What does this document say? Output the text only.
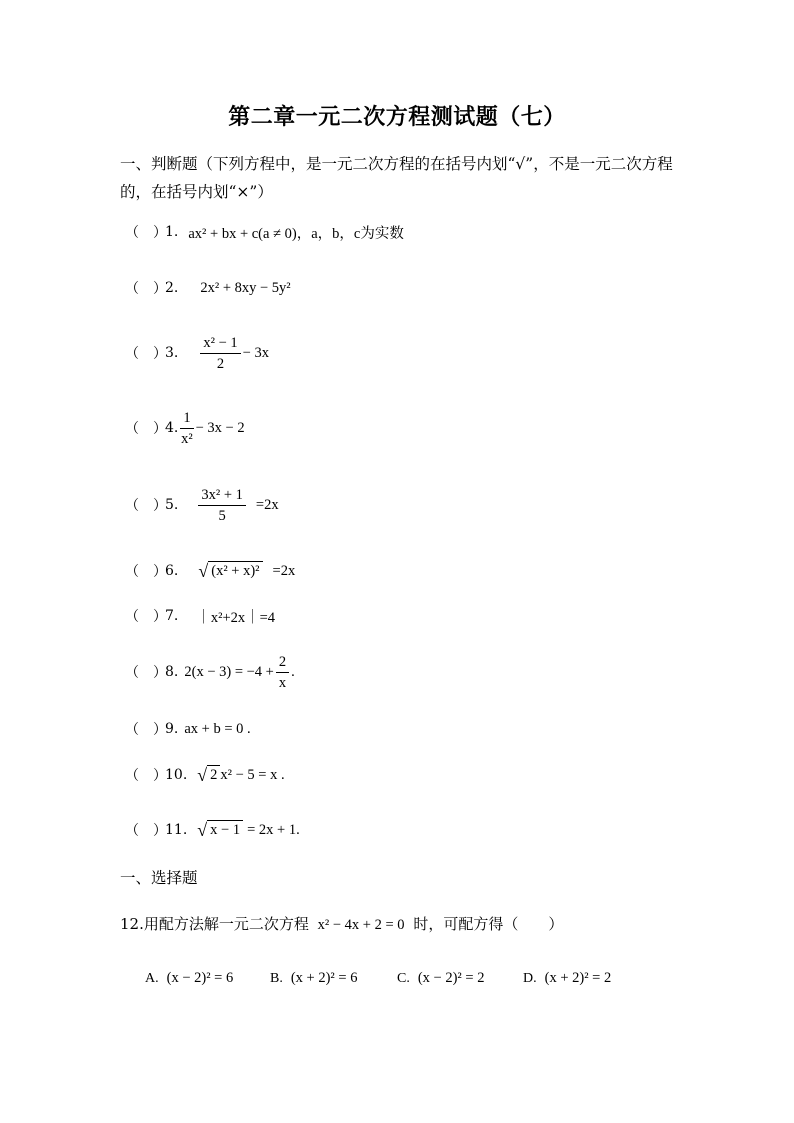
第二章一元二次方程测试题（七）
一、判断题（下列方程中，是一元二次方程的在括号内划“√”，不是一元二次方程的，在括号内划“×”）
（　）
1. ax² + bx + c(a ≠ 0)，a，b，c为实数
（　）
2. 2x² + 8xy − 5y²
（　）
3. $\frac{\text{x² − 1}}{2} - 3x$
（　）
4. $\frac{1}{\text{x²}} - 3x - 2$
（　）
5. $\frac{\text{3x² + 1}}{5} =2x$
（　）
6. √ (x² + x)² =2x
（　）
7. ｜x²+2x｜=4
（　）
8. $2(x - 3) = -4 + \frac{2}{x}$ .
（　）
9. ax + b = 0 .
（　）
10. √ 2 x² − 5 = x .
（　）
11. √ x − 1 = 2x + 1.
一、选择题
12.用配方法解一元二次方程 x² − 4x + 2 = 0 时，可配方得（　　）
A. (x − 2)² = 6	B. (x + 2)² = 6	C. (x − 2)² = 2	D. (x + 2)² = 2
